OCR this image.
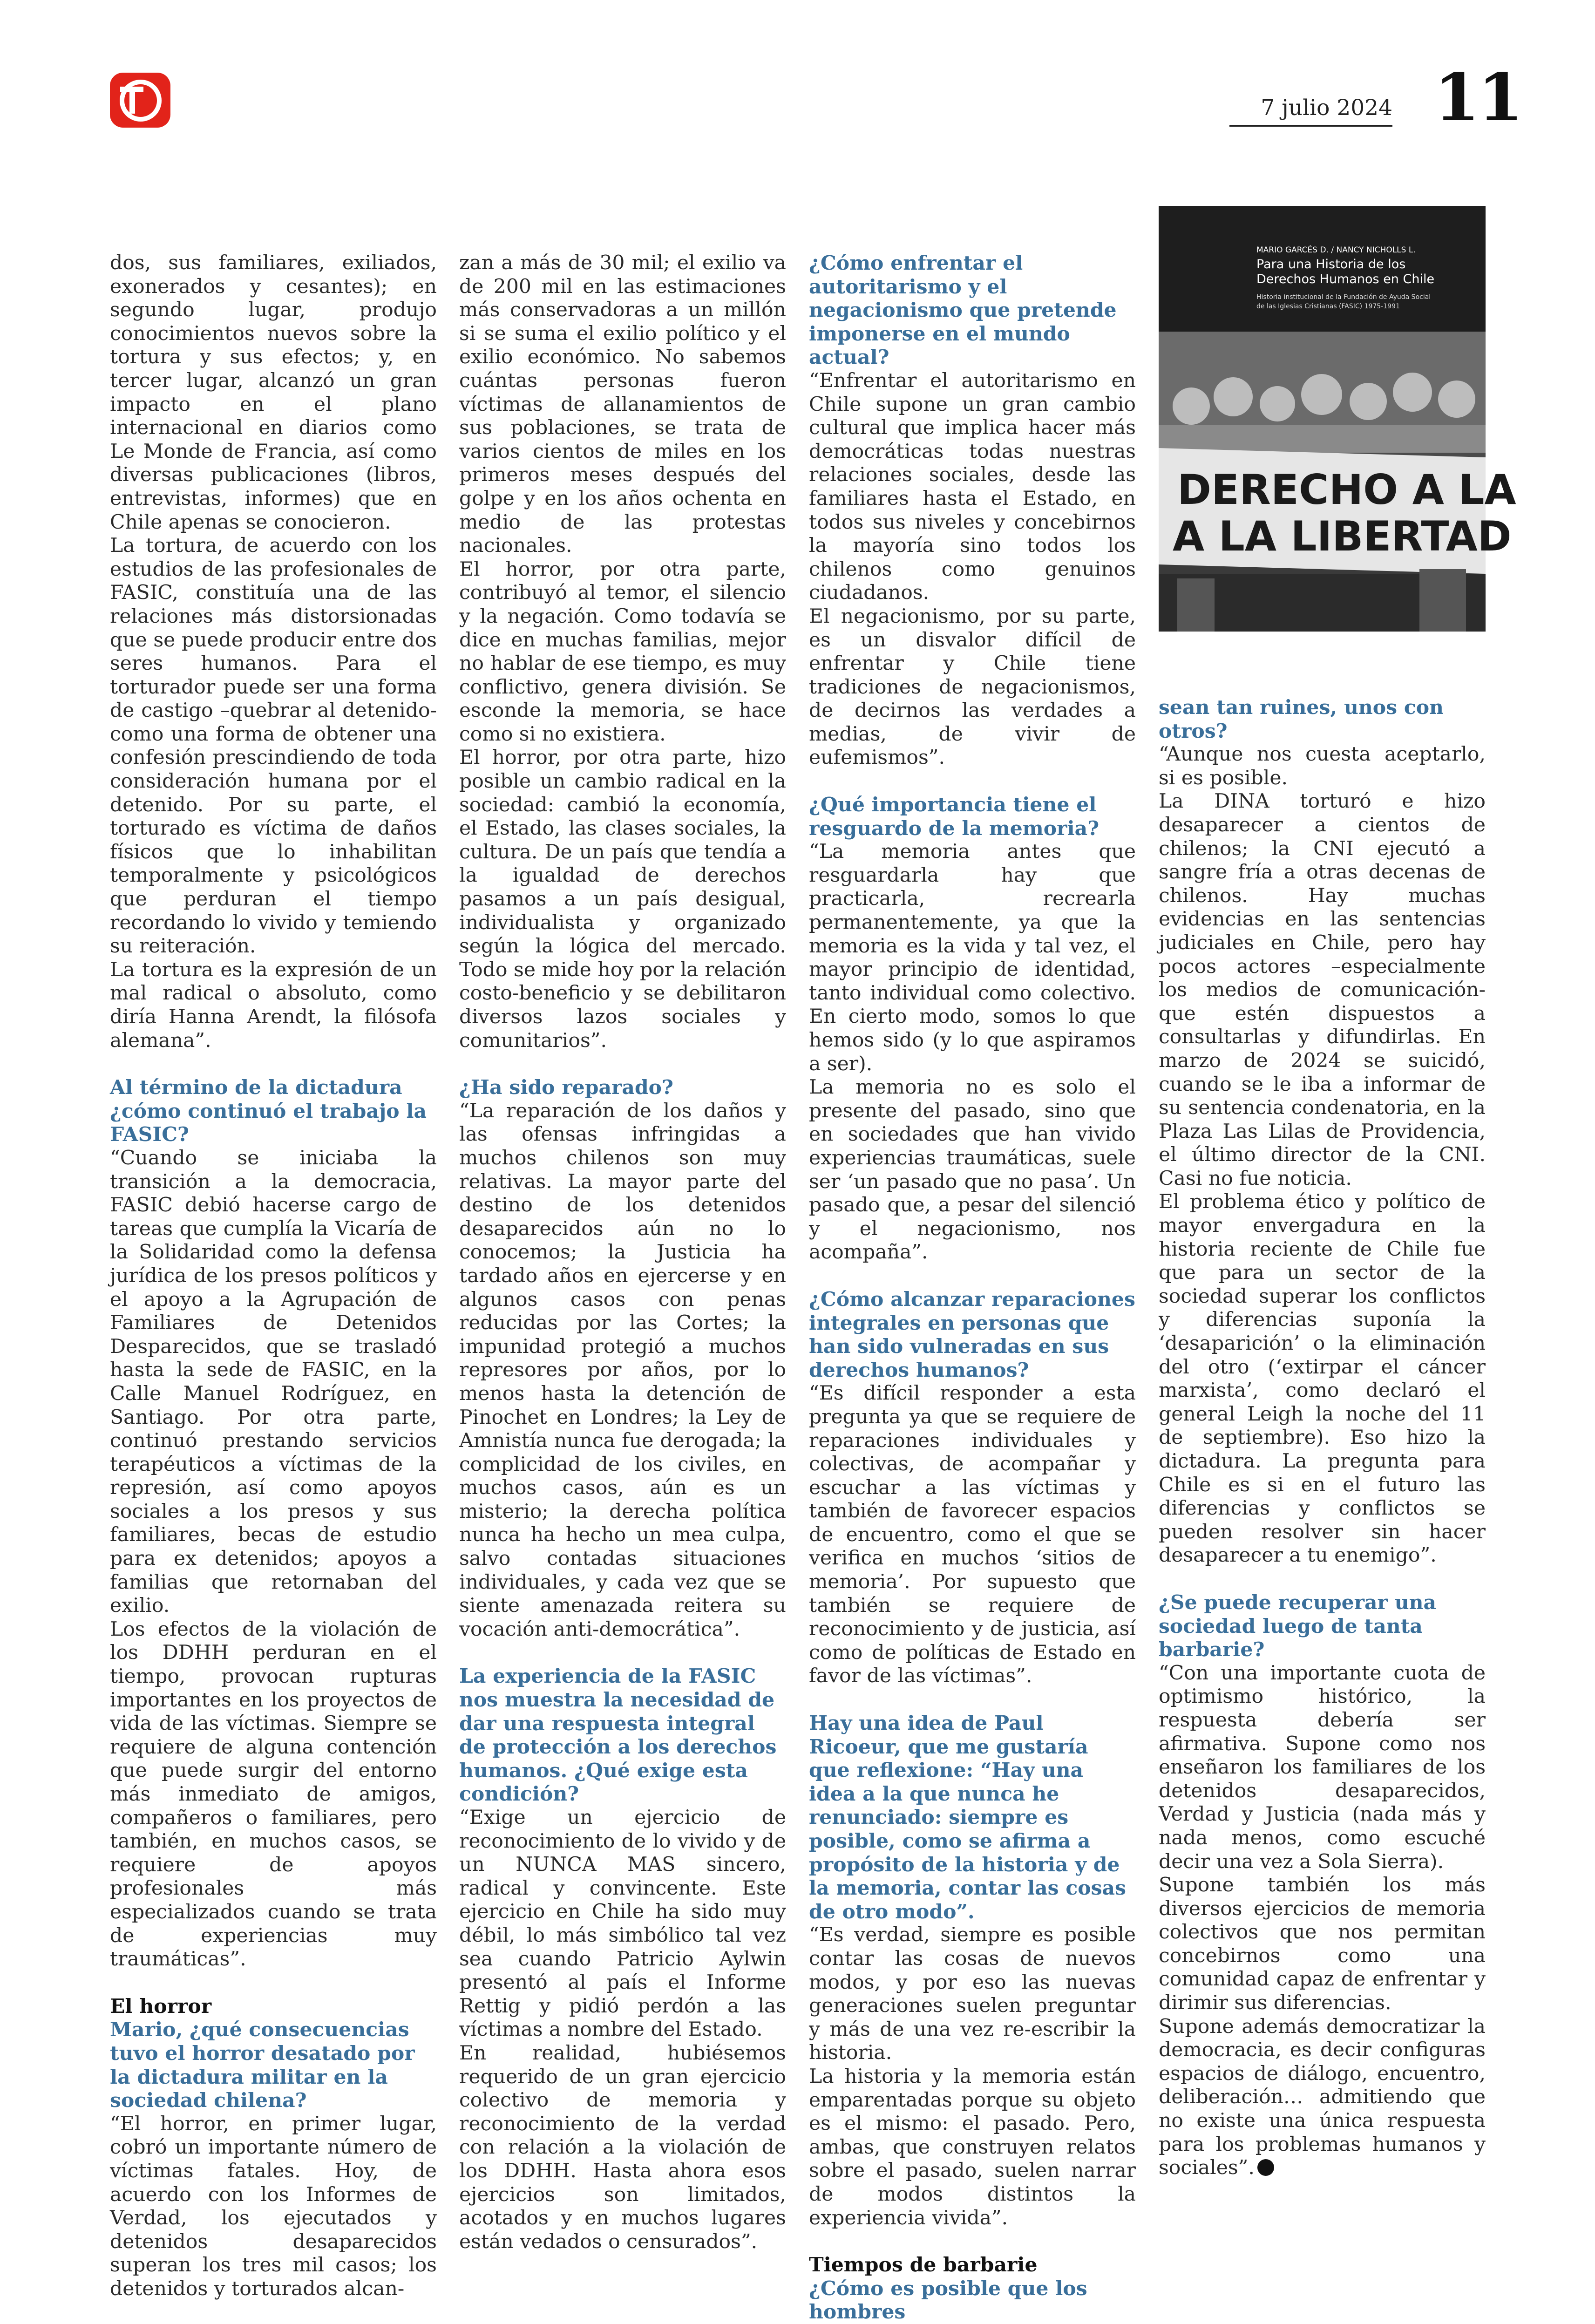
7 julio 2024 11
MARIO GARCÉS D. / NANCY NICHOLLS L.
Para una Historia de los
Derechos Humanos en Chile
Historia institucional de la Fundación de Ayuda Social
de las Iglesias Cristianas (FASIC) 1975-1991
DERECHO A LA
A LA LIBERTAD

dos, sus familiares, exiliados, exonerados y cesantes); en segundo lugar, produjo conocimientos nuevos sobre la tortura y sus efectos; y, en tercer lugar, alcanzó un gran impacto en el plano internacional en diarios como Le Monde de Francia, así como diversas publicaciones (libros, entrevistas, informes) que en Chile apenas se conocieron.

La tortura, de acuerdo con los estudios de las profesionales de FASIC, constituía una de las relaciones más distorsionadas que se puede producir entre dos seres humanos. Para el torturador puede ser una forma de castigo –quebrar al detenido- como una forma de obtener una confesión prescindiendo de toda consideración humana por el detenido. Por su parte, el torturado es víctima de daños físicos que lo inhabilitan temporalmente y psicológicos que perduran el tiempo recordando lo vivido y temiendo su reiteración.

La tortura es la expresión de un mal radical o absoluto, como diría Hanna Arendt, la filósofa alemana”.

Al término de la dictadura ¿cómo continuó el trabajo la FASIC?

“Cuando se iniciaba la transición a la democracia, FASIC debió hacerse cargo de tareas que cumplía la Vicaría de la Solidaridad como la defensa jurídica de los presos políticos y el apoyo a la Agrupación de Familiares de Detenidos Desparecidos, que se trasladó hasta la sede de FASIC, en la Calle Manuel Rodríguez, en Santiago. Por otra parte, continuó prestando servicios terapéuticos a víctimas de la represión, así como apoyos sociales a los presos y sus familiares, becas de estudio para ex detenidos; apoyos a familias que retornaban del exilio.

Los efectos de la violación de los DDHH perduran en el tiempo, provocan rupturas importantes en los proyectos de vida de las víctimas. Siempre se requiere de alguna contención que puede surgir del entorno más inmediato de amigos, compañeros o familiares, pero también, en muchos casos, se requiere de apoyos profesionales más especializados cuando se trata de experiencias muy traumáticas”.

El horror

Mario, ¿qué consecuencias tuvo el horror desatado por la dictadura militar en la sociedad chilena?

“El horror, en primer lugar, cobró un importante número de víctimas fatales. Hoy, de acuerdo con los Informes de Verdad, los ejecutados y detenidos desaparecidos superan los tres mil casos; los detenidos y torturados alcan-

zan a más de 30 mil; el exilio va de 200 mil en las estimaciones más conservadoras a un millón si se suma el exilio político y el exilio económico. No sabemos cuántas personas fueron víctimas de allanamientos de sus poblaciones, se trata de varios cientos de miles en los primeros meses después del golpe y en los años ochenta en medio de las protestas nacionales.

El horror, por otra parte, contribuyó al temor, el silencio y la negación. Como todavía se dice en muchas familias, mejor no hablar de ese tiempo, es muy conflictivo, genera división. Se esconde la memoria, se hace como si no existiera.

El horror, por otra parte, hizo posible un cambio radical en la sociedad: cambió la economía, el Estado, las clases sociales, la cultura. De un país que tendía a la igualdad de derechos pasamos a un país desigual, individualista y organizado según la lógica del mercado. Todo se mide hoy por la relación costo-beneficio y se debilitaron diversos lazos sociales y comunitarios”.

¿Ha sido reparado?

“La reparación de los daños y las ofensas infringidas a muchos chilenos son muy relativas. La mayor parte del destino de los detenidos desaparecidos aún no lo conocemos; la Justicia ha tardado años en ejercerse y en algunos casos con penas reducidas por las Cortes; la impunidad protegió a muchos represores por años, por lo menos hasta la detención de Pinochet en Londres; la Ley de Amnistía nunca fue derogada; la complicidad de los civiles, en muchos casos, aún es un misterio; la derecha política nunca ha hecho un mea culpa, salvo contadas situaciones individuales, y cada vez que se siente amenazada reitera su vocación anti-democrática”.

La experiencia de la FASIC nos muestra la necesidad de dar una respuesta integral de protección a los derechos humanos. ¿Qué exige esta condición?

“Exige un ejercicio de reconocimiento de lo vivido y de un NUNCA MAS sincero, radical y convincente. Este ejercicio en Chile ha sido muy débil, lo más simbólico tal vez sea cuando Patricio Aylwin presentó al país el Informe Rettig y pidió perdón a las víctimas a nombre del Estado.

En realidad, hubiésemos requerido de un gran ejercicio colectivo de memoria y reconocimiento de la verdad con relación a la violación de los DDHH. Hasta ahora esos ejercicios son limitados, acotados y en muchos lugares están vedados o censurados”.

¿Cómo enfrentar el autoritarismo y el negacionismo que pretende imponerse en el mundo actual?

“Enfrentar el autoritarismo en Chile supone un gran cambio cultural que implica hacer más democráticas todas nuestras relaciones sociales, desde las familiares hasta el Estado, en todos sus niveles y concebirnos la mayoría sino todos los chilenos como genuinos ciudadanos.

El negacionismo, por su parte, es un disvalor difícil de enfrentar y Chile tiene tradiciones de negacionismos, de decirnos las verdades a medias, de vivir de eufemismos”.

¿Qué importancia tiene el resguardo de la memoria?

“La memoria antes que resguardarla hay que practicarla, recrearla permanentemente, ya que la memoria es la vida y tal vez, el mayor principio de identidad, tanto individual como colectivo. En cierto modo, somos lo que hemos sido (y lo que aspiramos a ser).

La memoria no es solo el presente del pasado, sino que en sociedades que han vivido experiencias traumáticas, suele ser ‘un pasado que no pasa’. Un pasado que, a pesar del silenció y el negacionismo, nos acompaña”.

¿Cómo alcanzar reparaciones integrales en personas que han sido vulneradas en sus derechos humanos?

“Es difícil responder a esta pregunta ya que se requiere de reparaciones individuales y colectivas, de acompañar y escuchar a las víctimas y también de favorecer espacios de encuentro, como el que se verifica en muchos ‘sitios de memoria’. Por supuesto que también se requiere de reconocimiento y de justicia, así como de políticas de Estado en favor de las víctimas”.

Hay una idea de Paul Ricoeur, que me gustaría que reflexione: “Hay una idea a la que nunca he renunciado: siempre es posible, como se afirma a propósito de la historia y de la memoria, contar las cosas de otro modo”.

“Es verdad, siempre es posible contar las cosas de nuevos modos, y por eso las nuevas generaciones suelen preguntar y más de una vez re-escribir la historia.

La historia y la memoria están emparentadas porque su objeto es el mismo: el pasado. Pero, ambas, que construyen relatos sobre el pasado, suelen narrar de modos distintos la experiencia vivida”.

Tiempos de barbarie

¿Cómo es posible que los hombres

sean tan ruines, unos con otros?

“Aunque nos cuesta aceptarlo, si es posible.

La DINA torturó e hizo desaparecer a cientos de chilenos; la CNI ejecutó a sangre fría a otras decenas de chilenos. Hay muchas evidencias en las sentencias judiciales en Chile, pero hay pocos actores –especialmente los medios de comunicación- que estén dispuestos a consultarlas y difundirlas. En marzo de 2024 se suicidó, cuando se le iba a informar de su sentencia condenatoria, en la Plaza Las Lilas de Providencia, el último director de la CNI. Casi no fue noticia.

El problema ético y político de mayor envergadura en la historia reciente de Chile fue que para un sector de la sociedad superar los conflictos y diferencias suponía la ‘desaparición’ o la eliminación del otro (‘extirpar el cáncer marxista’, como declaró el general Leigh la noche del 11 de septiembre). Eso hizo la dictadura. La pregunta para Chile es si en el futuro las diferencias y conflictos se pueden resolver sin hacer desaparecer a tu enemigo”.

¿Se puede recuperar una sociedad luego de tanta barbarie?

“Con una importante cuota de optimismo histórico, la respuesta debería ser afirmativa. Supone como nos enseñaron los familiares de los detenidos desaparecidos, Verdad y Justicia (nada más y nada menos, como escuché decir una vez a Sola Sierra).

Supone también los más diversos ejercicios de memoria colectivos que nos permitan concebirnos como una comunidad capaz de enfrentar y dirimir sus diferencias.

Supone además democratizar la democracia, es decir configuras espacios de diálogo, encuentro, deliberación… admitiendo que no existe una única respuesta para los problemas humanos y sociales”.
